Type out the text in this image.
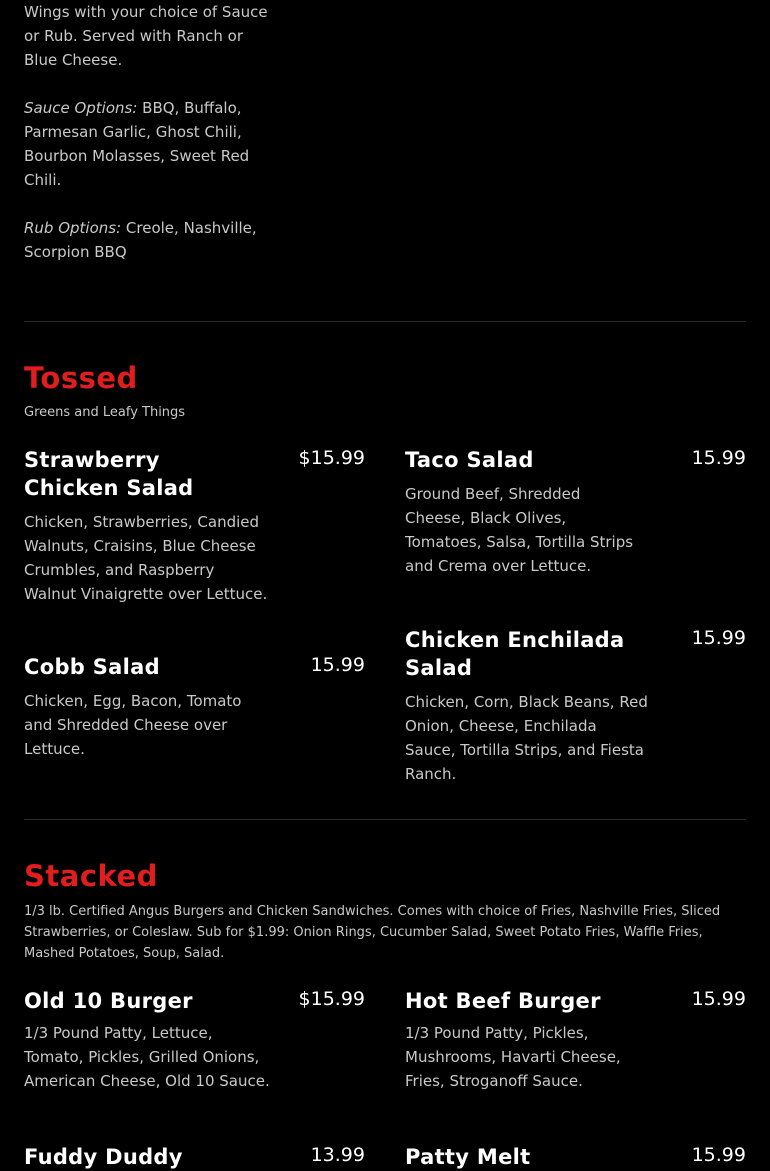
Wings with your choice of Sauce or Rub. Served with Ranch or Blue Cheese.

Sauce Options: BBQ, Buffalo, Parmesan Garlic, Ghost Chili, Bourbon Molasses, Sweet Red Chili.

Rub Options: Creole, Nashville, Scorpion BBQ

Tossed

Greens and Leafy Things

Strawberry Chicken Salad
$15.99

Chicken, Strawberries, Candied Walnuts, Craisins, Blue Cheese Crumbles, and Raspberry Walnut Vinaigrette over Lettuce.

Taco Salad	15.99

Ground Beef, Shredded Cheese, Black Olives, Tomatoes, Salsa, Tortilla Strips and Crema over Lettuce.

Cobb Salad	15.99

Chicken, Egg, Bacon, Tomato and Shredded Cheese over Lettuce.

Chicken Enchilada Salad
15.99

Chicken, Corn, Black Beans, Red Onion, Cheese, Enchilada Sauce, Tortilla Strips, and Fiesta Ranch.

Stacked

1/3 lb. Certified Angus Burgers and Chicken Sandwiches. Comes with choice of Fries, Nashville Fries, Sliced Strawberries, or Coleslaw. Sub for $1.99: Onion Rings, Cucumber Salad, Sweet Potato Fries, Waffle Fries, Mashed Potatoes, Soup, Salad.

Old 10 Burger	$15.99

1/3 Pound Patty, Lettuce, Tomato, Pickles, Grilled Onions, American Cheese, Old 10 Sauce.

Hot Beef Burger	15.99

1/3 Pound Patty, Pickles, Mushrooms, Havarti Cheese, Fries, Stroganoff Sauce.

Fuddy Duddy	13.99 Patty Melt	15.99
